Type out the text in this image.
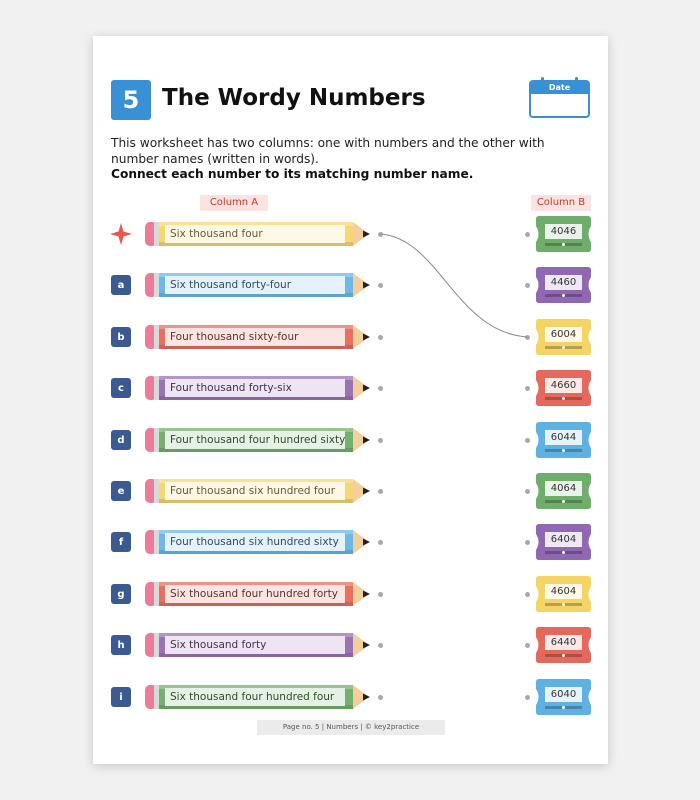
5 The Wordy Numbers	Date
This worksheet has two columns: one with numbers and the other with number names (written in words).
Connect each number to its matching number name.
Column A	Column B
Six thousand four	4046
a	Six thousand forty-four	4460
b	Four thousand sixty-four	6004
c	Four thousand forty-six	4660
d	Four thousand four hundred sixty	6044
e	Four thousand six hundred four	4064
f	Four thousand six hundred sixty	6404
g	Six thousand four hundred forty	4604
h	Six thousand forty	6440
i	Six thousand four hundred four	6040
Page no. 5 | Numbers | © key2practice
